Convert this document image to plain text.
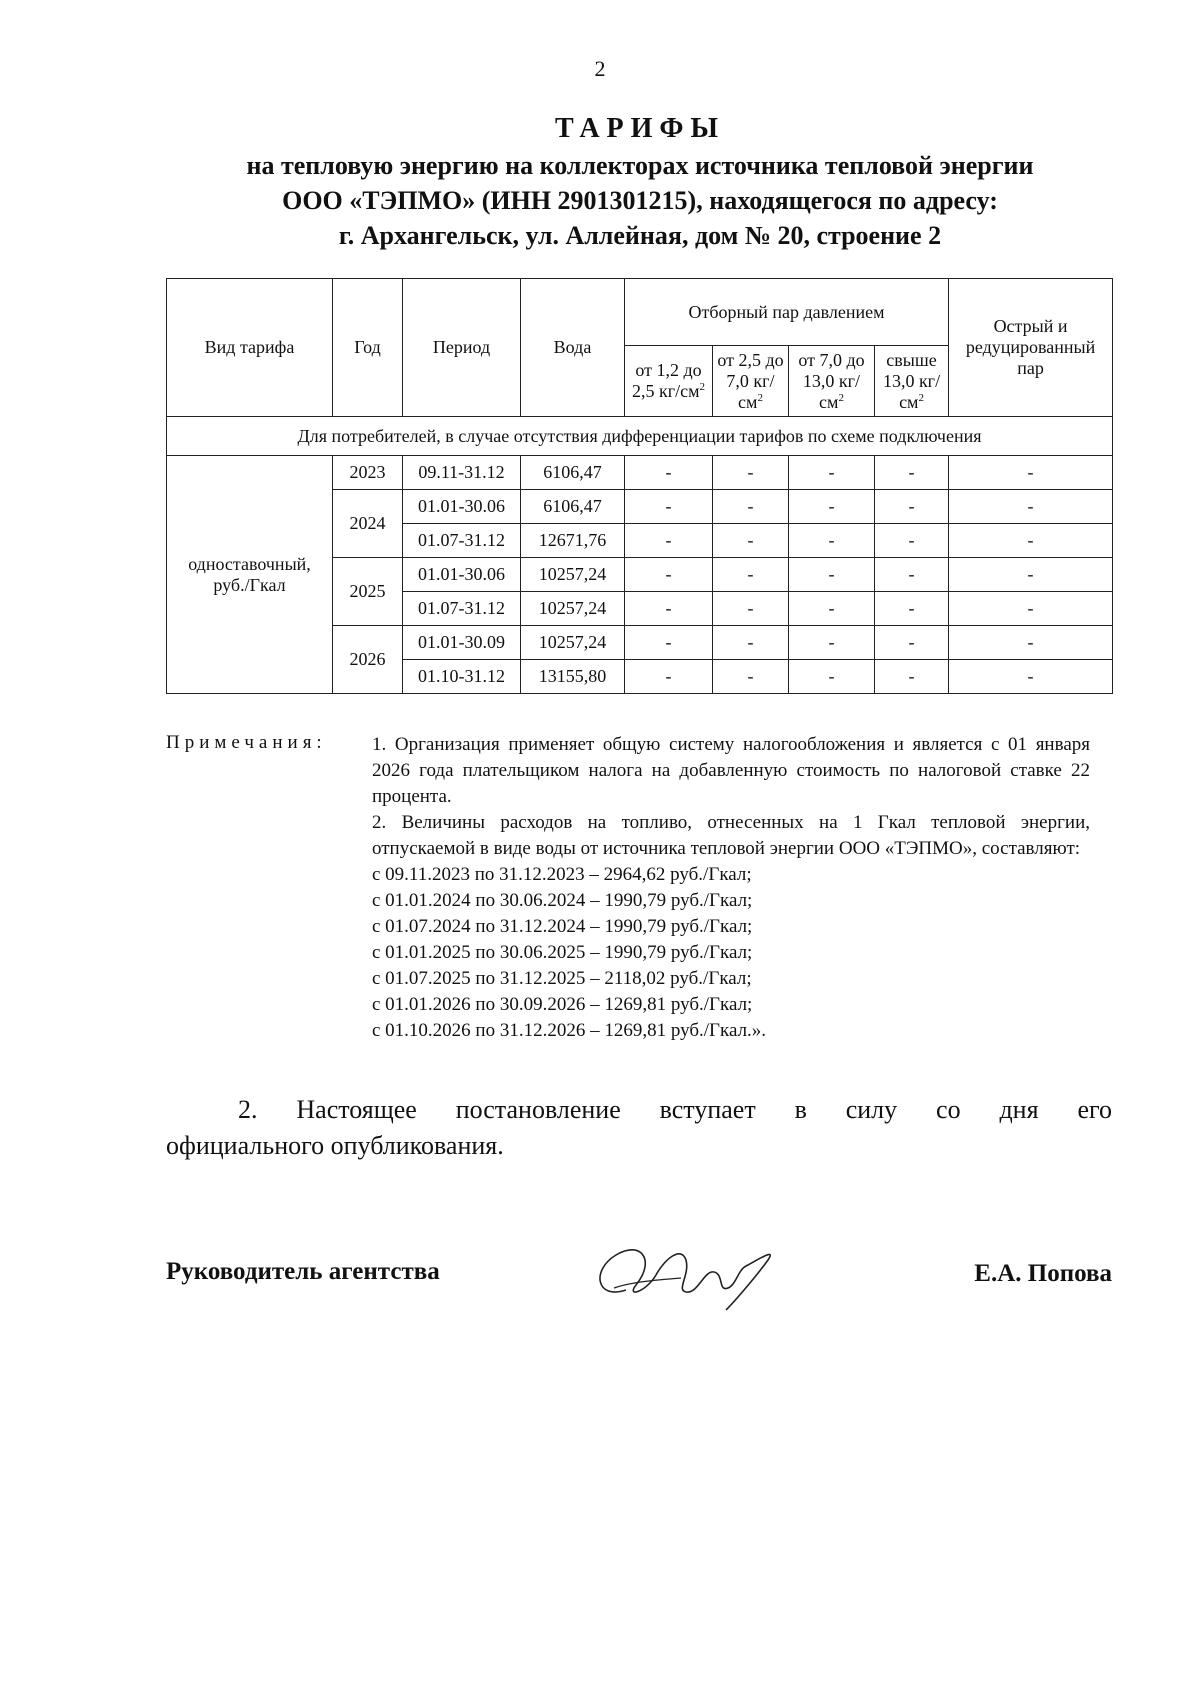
2
ТАРИФЫ
на тепловую энергию на коллекторах источника тепловой энергии
ООО «ТЭПМО» (ИНН 2901301215), находящегося по адресу:
г. Архангельск, ул. Аллейная, дом № 20, строение 2
Вид тарифа	Год	Период	Вода	Отборный пар давлением				Острый и редуцированный пар
				от 1,2 до 2,5 $кг/см^2$	от 2,5 до 7,0 $кг/см^2$	от 7,0 до 13,0 $кг/см^2$	свыше 13,0 $кг/см^2$
Для потребителей, в случае отсутствия дифференциации тарифов по схеме подключения								
одноставочный, руб./Гкал	2023	09.11-31.12	6106,47	-	-	-	-	-
	2024	01.01-30.06	6106,47	-	-	-	-	-
		01.07-31.12	12671,76	-	-	-	-	-
	2025	01.01-30.06	10257,24	-	-	-	-	-
		01.07-31.12	10257,24	-	-	-	-	-
	2026	01.01-30.09	10257,24	-	-	-	-	-
		01.10-31.12	13155,80	-	-	-	-	-
Примечания: 1. Организация применяет общую систему налогообложения и является с 01 января 2026 года плательщиком налога на добавленную стоимость по налоговой ставке 22 процента.

2. Величины расходов на топливо, отнесенных на 1 Гкал тепловой энергии, отпускаемой в виде воды от источника тепловой энергии ООО «ТЭПМО», составляют:

с 09.11.2023 по 31.12.2023 – 2964,62 руб./Гкал;

с 01.01.2024 по 30.06.2024 – 1990,79 руб./Гкал;

с 01.07.2024 по 31.12.2024 – 1990,79 руб./Гкал;

с 01.01.2025 по 30.06.2025 – 1990,79 руб./Гкал;

с 01.07.2025 по 31.12.2025 – 2118,02 руб./Гкал;

с 01.01.2026 по 30.09.2026 – 1269,81 руб./Гкал;

с 01.10.2026 по 31.12.2026 – 1269,81 руб./Гкал.».

2. Настоящее постановление вступает в силу со дня его
официального опубликования.
Руководитель агентства	Е.А. Попова
